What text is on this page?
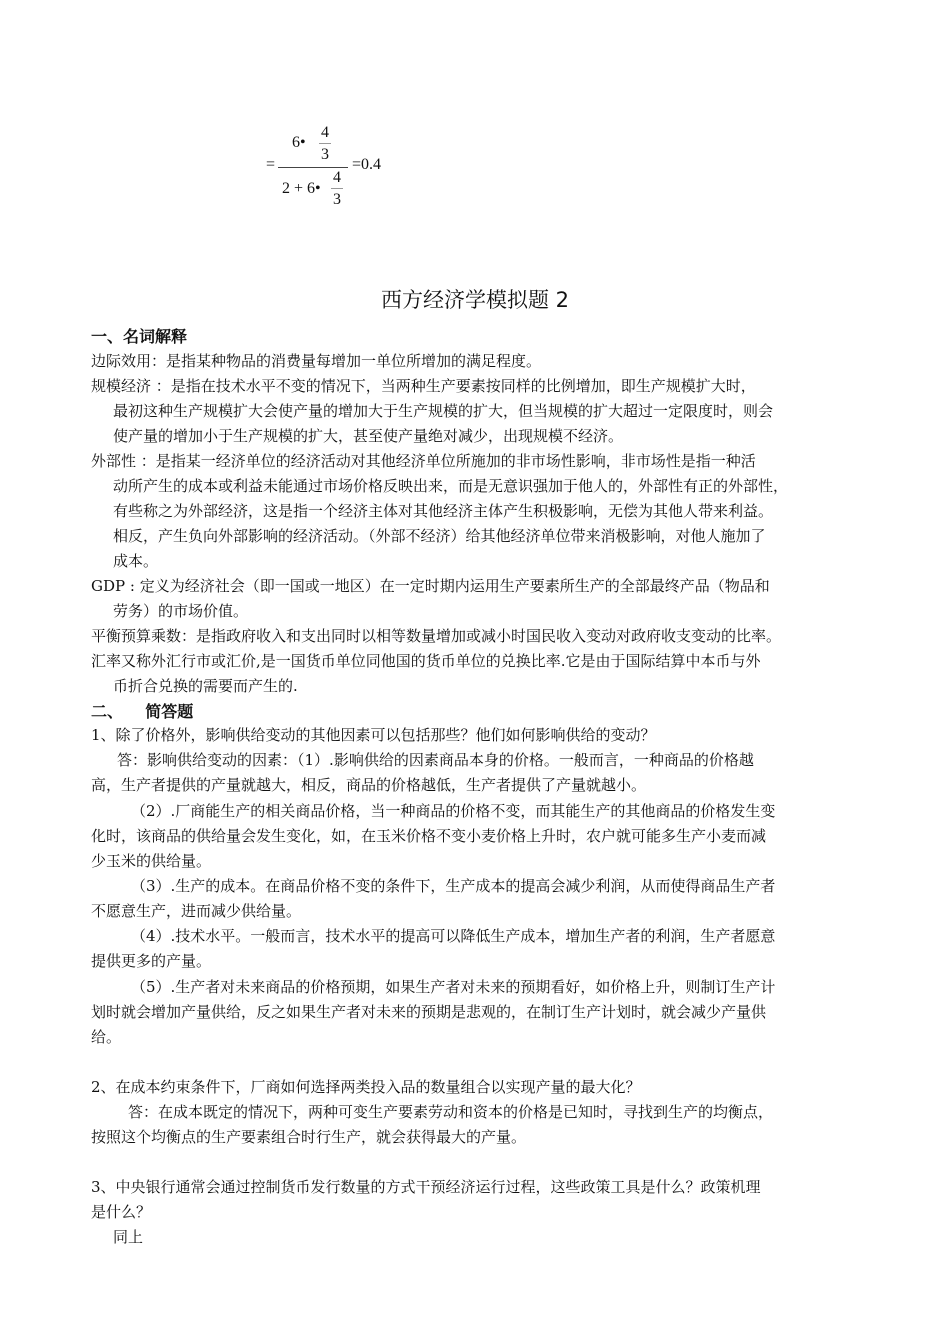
=
6•
4
3
2 + 6•
4
3
=0.4
西方经济学模拟题 2
一、名词解释
边际效用：是指某种物品的消费量每增加一单位所增加的满足程度。
规模经济 ：是指在技术水平不变的情况下，当两种生产要素按同样的比例增加，即生产规模扩大时，
最初这种生产规模扩大会使产量的增加大于生产规模的扩大，但当规模的扩大超过一定限度时，则会
使产量的增加小于生产规模的扩大，甚至使产量绝对减少，出现规模不经济。
外部性 ：是指某一经济单位的经济活动对其他经济单位所施加的非市场性影响，非市场性是指一种活
动所产生的成本或利益未能通过市场价格反映出来，而是无意识强加于他人的，外部性有正的外部性，
有些称之为外部经济，这是指一个经济主体对其他经济主体产生积极影响，无偿为其他人带来利益。
相反，产生负向外部影响的经济活动。（外部不经济）给其他经济单位带来消极影响，对他人施加了
成本。
GDP : 定义为经济社会（即一国或一地区）在一定时期内运用生产要素所生产的全部最终产品（物品和
劳务）的市场价值。
平衡预算乘数：是指政府收入和支出同时以相等数量增加或减小时国民收入变动对政府收支变动的比率。
汇率又称外汇行市或汇价,是一国货币单位同他国的货币单位的兑换比率.它是由于国际结算中本币与外
币折合兑换的需要而产生的.
二、    简答题
1、除了价格外，影响供给变动的其他因素可以包括那些？他们如何影响供给的变动？
答：影响供给变动的因素：（1）.影响供给的因素商品本身的价格。一般而言，一种商品的价格越
高，生产者提供的产量就越大，相反，商品的价格越低，生产者提供了产量就越小。
（2）.厂商能生产的相关商品价格，当一种商品的价格不变，而其能生产的其他商品的价格发生变
化时，该商品的供给量会发生变化，如，在玉米价格不变小麦价格上升时，农户就可能多生产小麦而减
少玉米的供给量。
（3）.生产的成本。在商品价格不变的条件下，生产成本的提高会减少利润，从而使得商品生产者
不愿意生产，进而减少供给量。
（4）.技术水平。一般而言，技术水平的提高可以降低生产成本，增加生产者的利润，生产者愿意
提供更多的产量。
（5）.生产者对未来商品的价格预期，如果生产者对未来的预期看好，如价格上升，则制订生产计
划时就会增加产量供给，反之如果生产者对未来的预期是悲观的，在制订生产计划时，就会减少产量供
给。
2、在成本约束条件下，厂商如何选择两类投入品的数量组合以实现产量的最大化？
答：在成本既定的情况下，两种可变生产要素劳动和资本的价格是已知时，寻找到生产的均衡点，
按照这个均衡点的生产要素组合时行生产，就会获得最大的产量。
3、中央银行通常会通过控制货币发行数量的方式干预经济运行过程，这些政策工具是什么？政策机理
是什么？
同上
